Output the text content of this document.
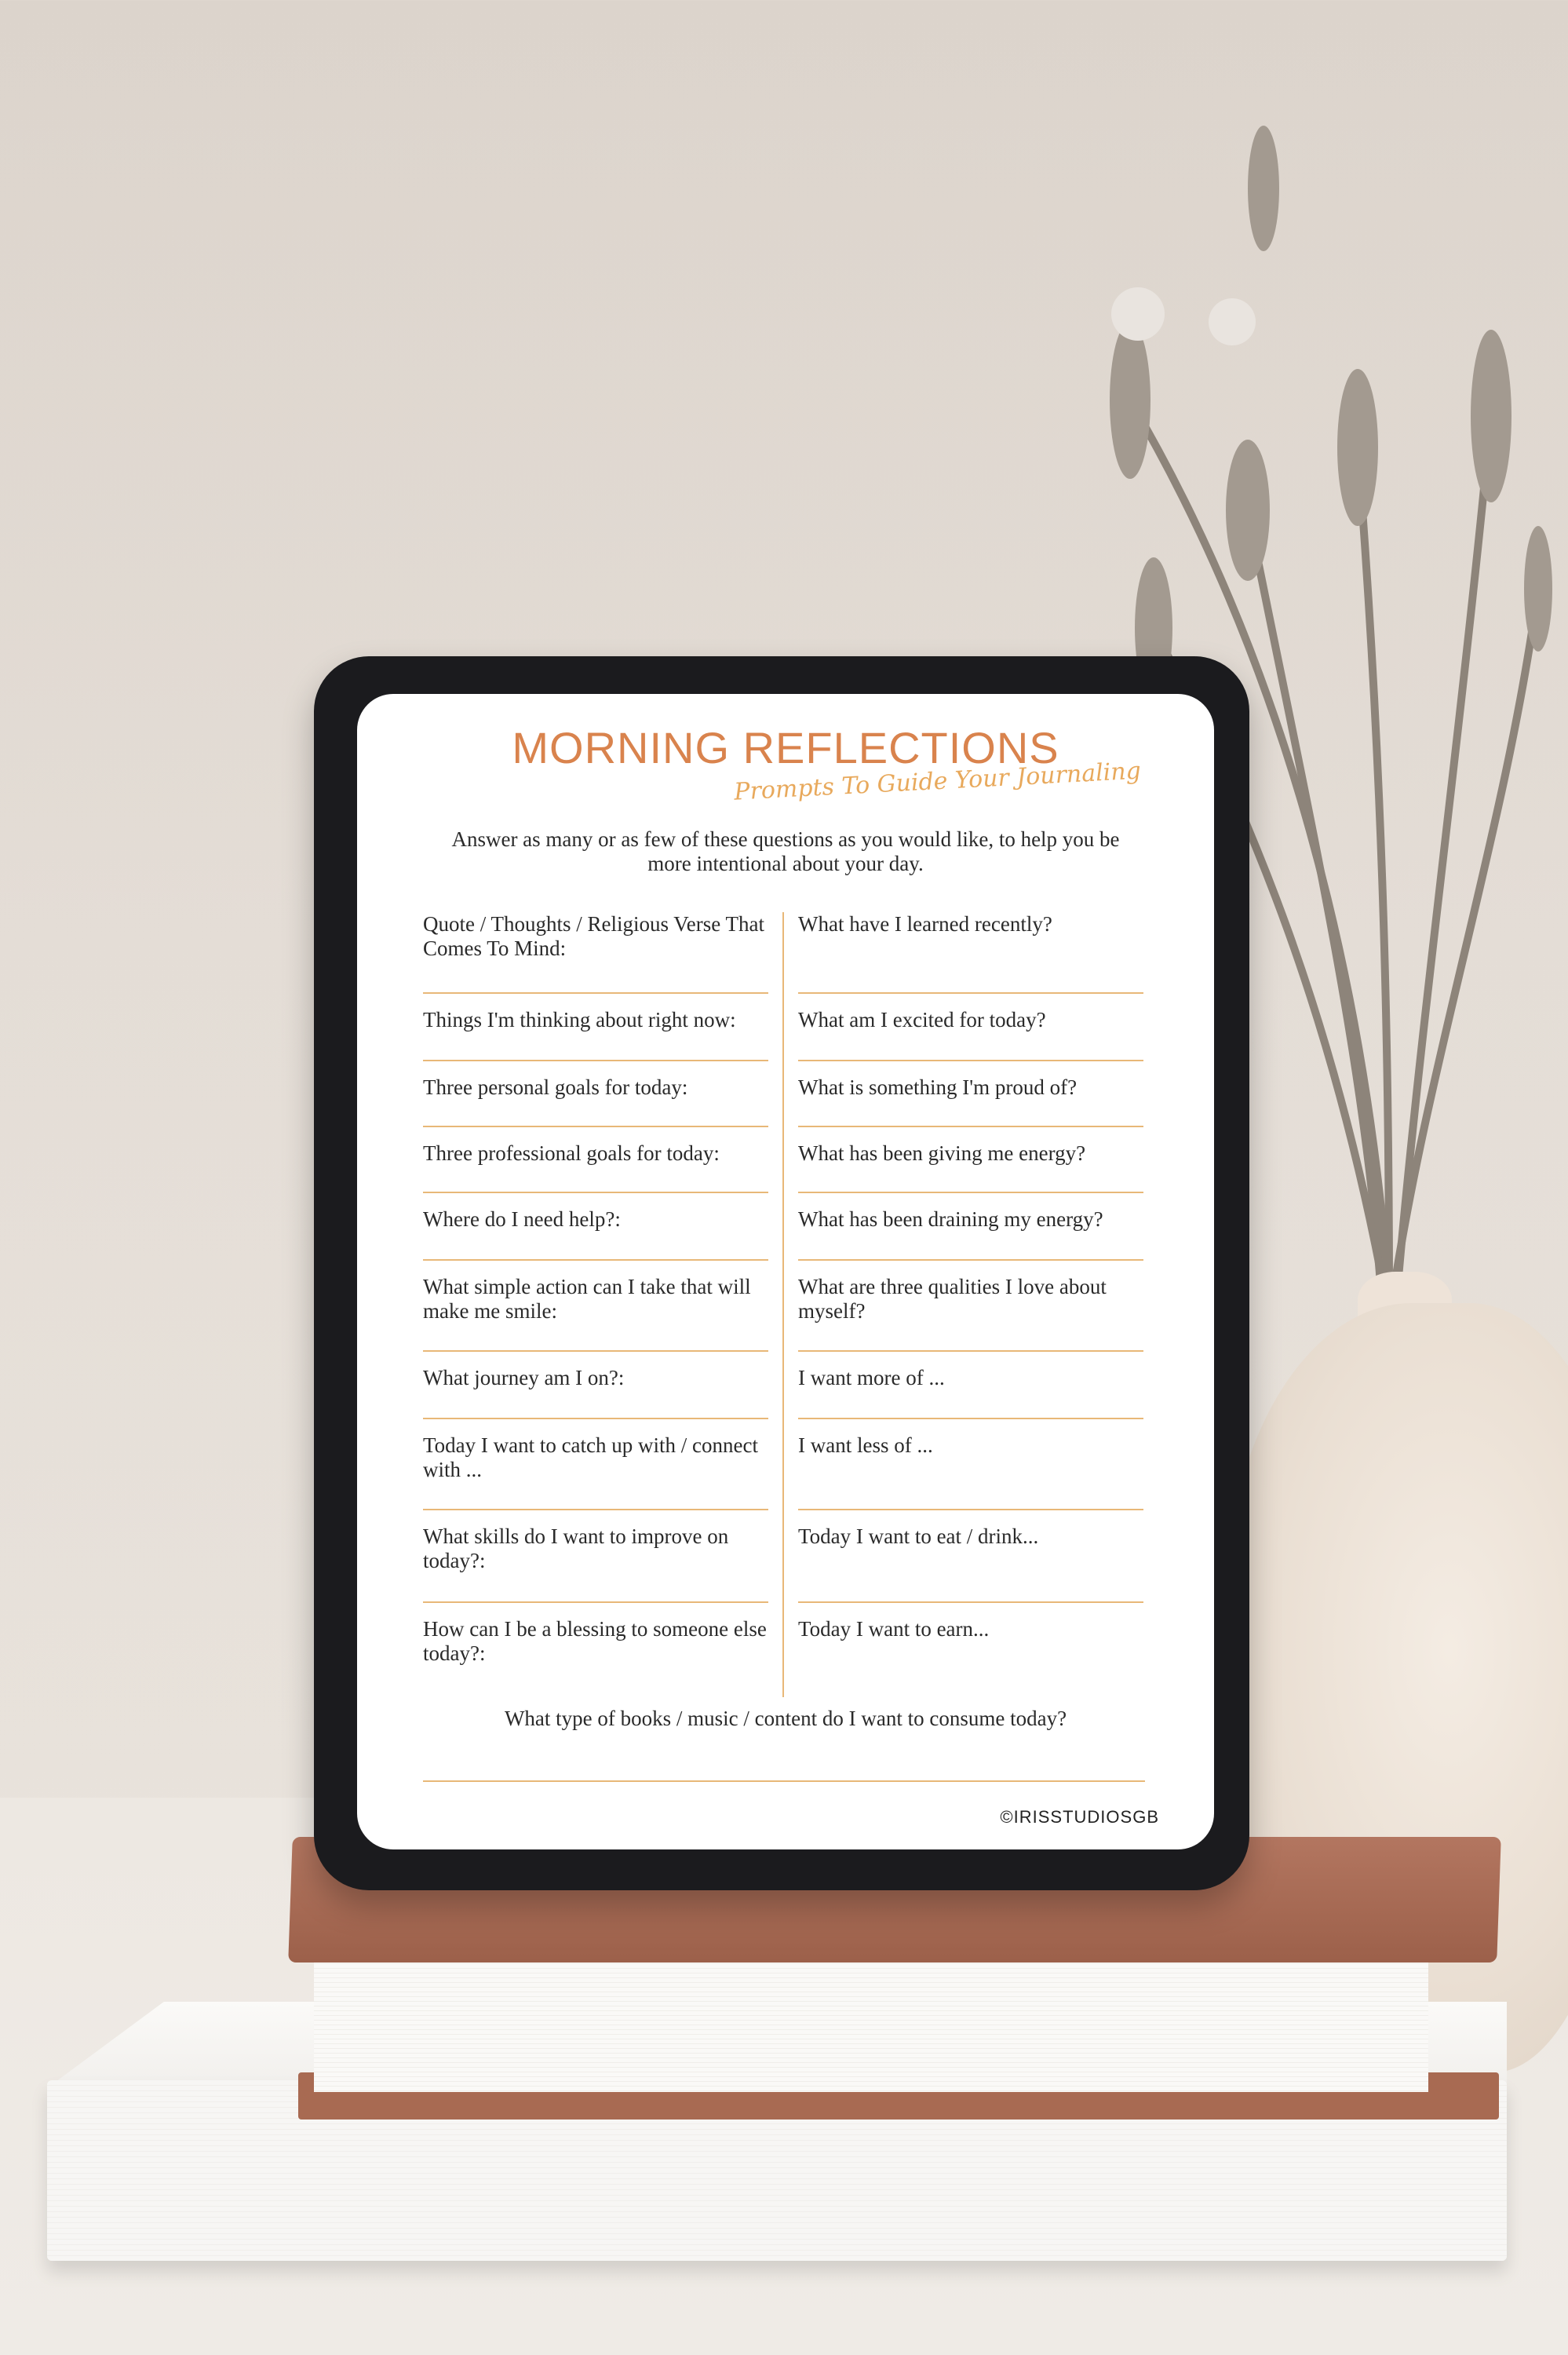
MORNING REFLECTIONS
Prompts To Guide Your Journaling
Answer as many or as few of these questions as you would like, to help you be more intentional about your day.
Quote / Thoughts / Religious Verse That Comes To Mind:
Things I'm thinking about right now:
Three personal goals for today:
Three professional goals for today:
Where do I need help?:
What simple action can I take that will make me smile:
What journey am I on?:
Today I want to catch up with / connect with ...
What skills do I want to improve on today?:
How can I be a blessing to someone else today?:
What have I learned recently?
What am I excited for today?
What is something I'm proud of?
What has been giving me energy?
What has been draining my energy?
What are three qualities I love about myself?
I want more of ...
I want less of ...
Today I want to eat / drink...
Today I want to earn...
What type of books / music / content do I want to consume today?
©IRISSTUDIOSGB
